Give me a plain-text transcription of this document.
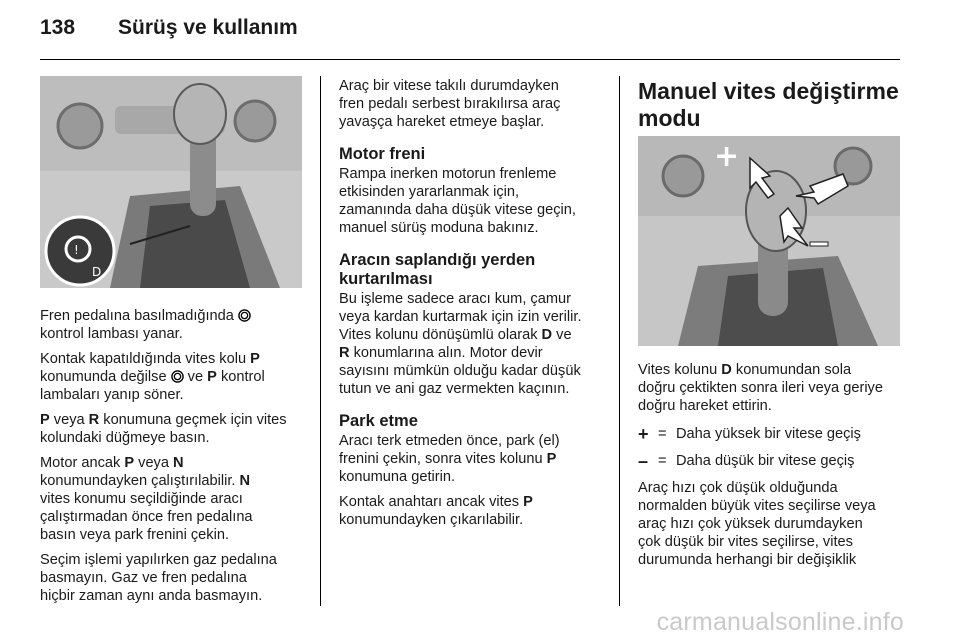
138 Sürüş ve kullanım
!
D

Fren pedalına basılmadığında
kontrol lambası yanar.

Kontak kapatıldığında vites kolu P
konumunda değilse  ve P kontrol
lambaları yanıp söner.

P veya R konumuna geçmek için vites
kolundaki düğmeye basın.

Motor ancak P veya N
konumundayken çalıştırılabilir. N
vites konumu seçildiğinde aracı
çalıştırmadan önce fren pedalına
basın veya park frenini çekin.

Seçim işlemi yapılırken gaz pedalına
basmayın. Gaz ve fren pedalına
hiçbir zaman aynı anda basmayın.

Araç bir vitese takılı durumdayken
fren pedalı serbest bırakılırsa araç
yavaşça hareket etmeye başlar.

Motor freni

Rampa inerken motorun frenleme
etkisinden yararlanmak için,
zamanında daha düşük vitese geçin,
manuel sürüş moduna bakınız.

Aracın saplandığı yerden
kurtarılması

Bu işleme sadece aracı kum, çamur
veya kardan kurtarmak için izin verilir.
Vites kolunu dönüşümlü olarak D ve
R konumlarına alın. Motor devir
sayısını mümkün olduğu kadar düşük
tutun ve ani gaz vermekten kaçının.

Park etme

Aracı terk etmeden önce, park (el)
frenini çekin, sonra vites kolunu P
konumuna getirin.

Kontak anahtarı ancak vites P
konumundayken çıkarılabilir.

Manuel vites değiştirme
modu
+

Vites kolunu D konumundan sola
doğru çektikten sonra ileri veya geriye
doğru hareket ettirin.

+ = Daha yüksek bir vitese geçiş
– = Daha düşük bir vitese geçiş

Araç hızı çok düşük olduğunda
normalden büyük vites seçilirse veya
araç hızı çok yüksek durumdayken
çok düşük bir vites seçilirse, vites
durumunda herhangi bir değişiklik

carmanualsonline.info
